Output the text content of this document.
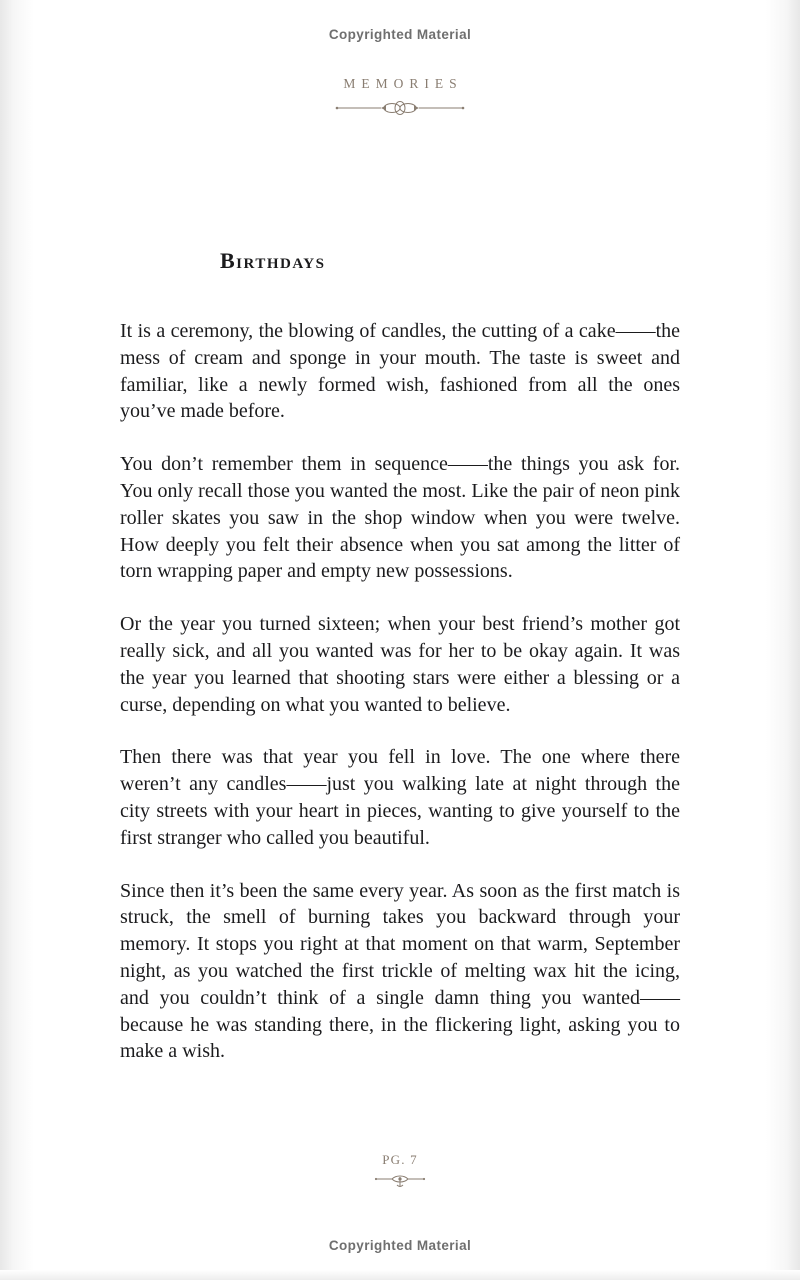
Copyrighted Material
MEMORIES
Birthdays

It is a ceremony, the blowing of candles, the cutting of a cake——the mess of cream and sponge in your mouth. The taste is sweet and familiar, like a newly formed wish, fashioned from all the ones you’ve made before.

You don’t remember them in sequence——the things you ask for. You only recall those you wanted the most. Like the pair of neon pink roller skates you saw in the shop window when you were twelve. How deeply you felt their absence when you sat among the litter of torn wrapping paper and empty new possessions.

Or the year you turned sixteen; when your best friend’s mother got really sick, and all you wanted was for her to be okay again. It was the year you learned that shooting stars were either a blessing or a curse, depending on what you wanted to believe.

Then there was that year you fell in love. The one where there weren’t any candles——just you walking late at night through the city streets with your heart in pieces, wanting to give yourself to the first stranger who called you beautiful.

Since then it’s been the same every year. As soon as the first match is struck, the smell of burning takes you backward through your memory. It stops you right at that moment on that warm, September night, as you watched the first trickle of melting wax hit the icing, and you couldn’t think of a single damn thing you wanted——because he was standing there, in the flickering light, asking you to make a wish.

PG. 7
Copyrighted Material
